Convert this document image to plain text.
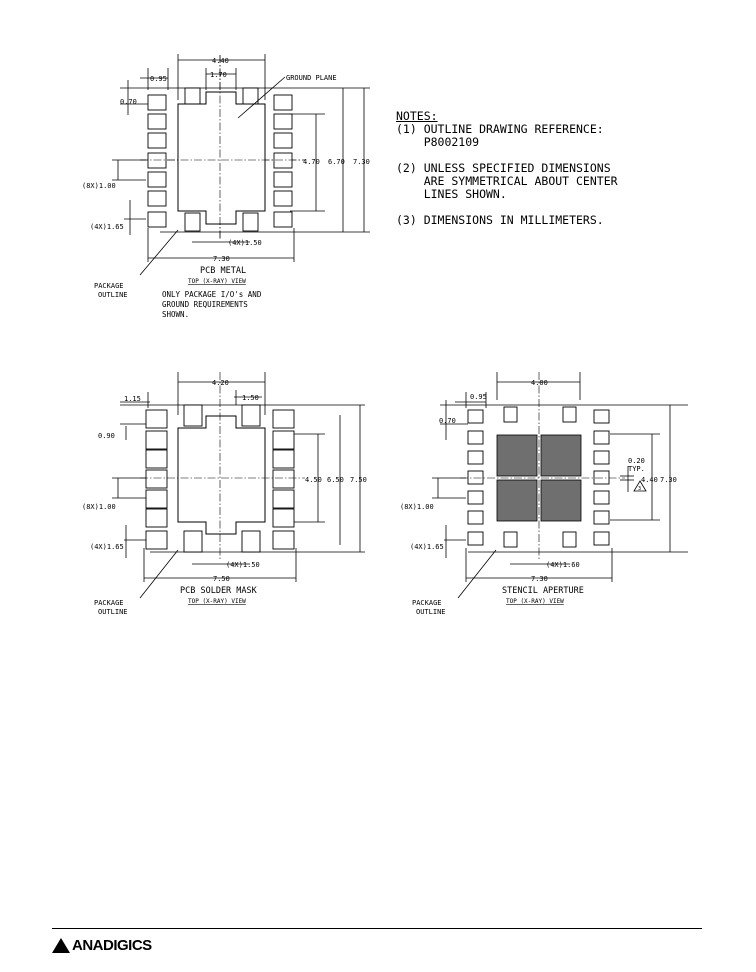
4.40
1.70
0.95
0.70
(8X)1.00
(4X)1.65
(4X)1.50
7.30
4.70 6.70 7.30
GROUND PLANE
PACKAGE
OUTLINE
PCB METAL
TOP (X-RAY) VIEW
ONLY PACKAGE I/O's AND
GROUND REQUIREMENTS
SHOWN.
NOTES:
(1) OUTLINE DRAWING REFERENCE:
P8002109
(2) UNLESS SPECIFIED DIMENSIONS
ARE SYMMETRICAL ABOUT CENTER
LINES SHOWN.
(3) DIMENSIONS IN MILLIMETERS.
4.20
1.50
1.15
0.90
(8X)1.00
(4X)1.65
(4X)1.50
7.50
4.50 6.50 7.50
PACKAGE
OUTLINE
PCB SOLDER MASK
TOP (X-RAY) VIEW
3
4.00
0.95
0.70
0.20
TYP.
(8X)1.00
(4X)1.65
(4X)1.60
7.30
4.40 7.30
PACKAGE
OUTLINE
STENCIL APERTURE
TOP (X-RAY) VIEW
ANADIGICS
